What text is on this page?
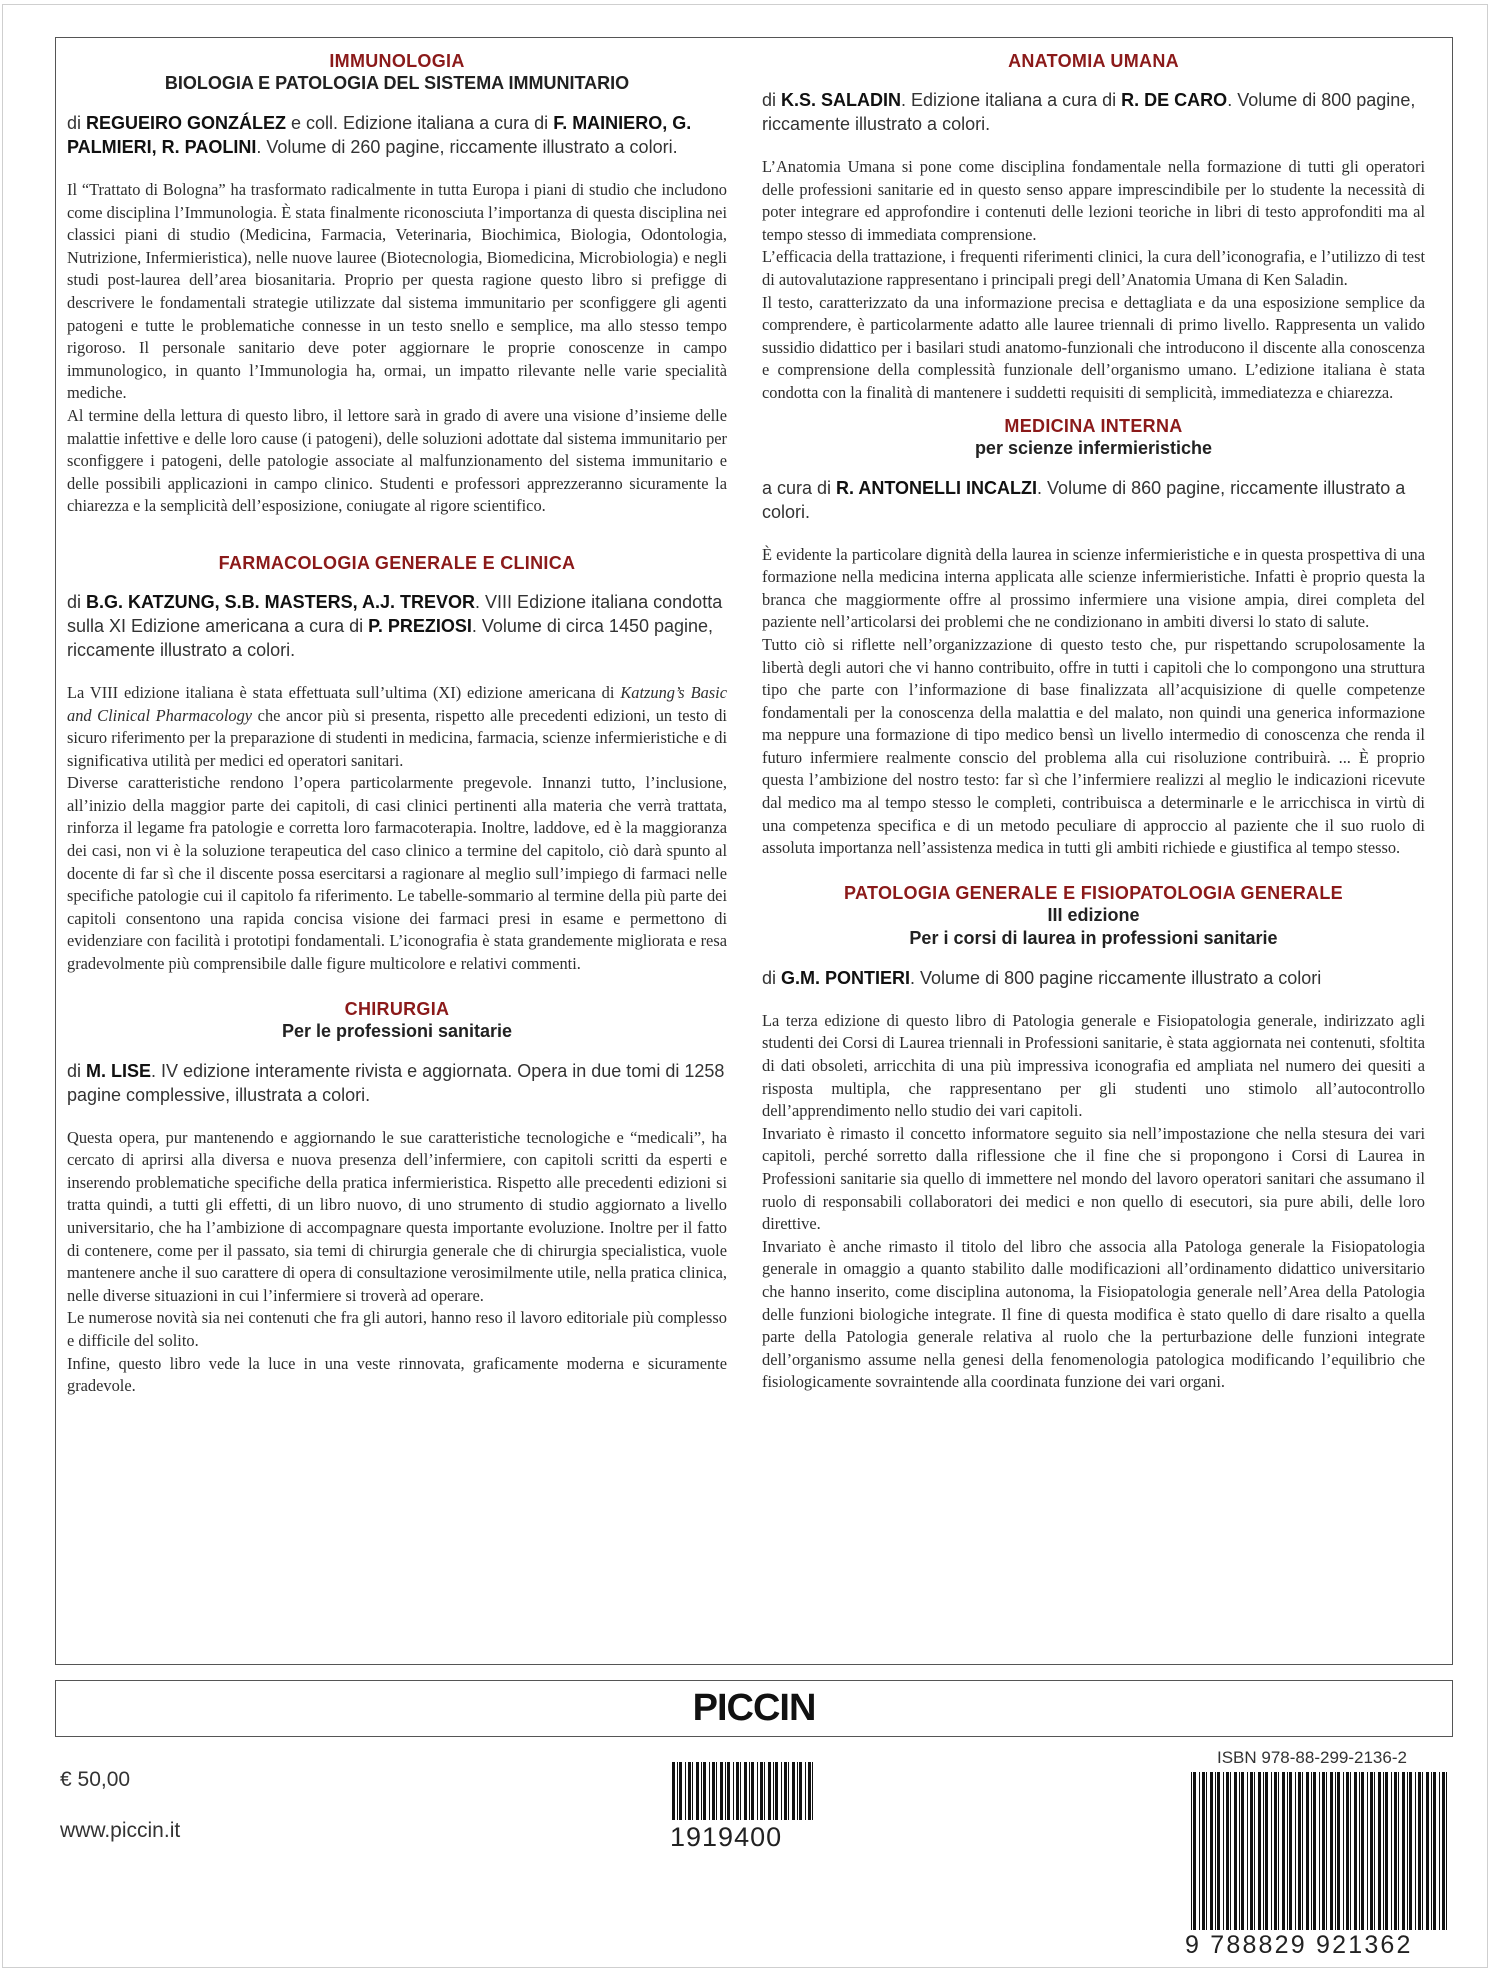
IMMUNOLOGIA
BIOLOGIA E PATOLOGIA DEL SISTEMA IMMUNITARIO
di REGUEIRO GONZÁLEZ e coll. Edizione italiana a cura di F. MAINIERO, G. PALMIERI, R. PAOLINI. Volume di 260 pagine, riccamente illustrato a colori.

Il “Trattato di Bologna” ha trasformato radicalmente in tutta Europa i piani di studio che includono come disciplina l’Immunologia. È stata finalmente riconosciuta l’importanza di questa disciplina nei classici piani di studio (Medicina, Farmacia, Veterinaria, Biochimica, Biologia, Odontologia, Nutrizione, Infermieristica), nelle nuove lauree (Biotecnologia, Biomedicina, Microbiologia) e negli studi post-laurea dell’area biosanitaria. Proprio per questa ragione questo libro si prefigge di descrivere le fondamentali strategie utilizzate dal sistema immunitario per sconfiggere gli agenti patogeni e tutte le problematiche connesse in un testo snello e semplice, ma allo stesso tempo rigoroso. Il personale sanitario deve poter aggiornare le proprie conoscenze in campo immunologico, in quanto l’Immunologia ha, ormai, un impatto rilevante nelle varie specialità mediche.

Al termine della lettura di questo libro, il lettore sarà in grado di avere una visione d’insieme delle malattie infettive e delle loro cause (i patogeni), delle soluzioni adottate dal sistema immunitario per sconfiggere i patogeni, delle patologie associate al malfunzionamento del sistema immunitario e delle possibili applicazioni in campo clinico. Studenti e professori apprezzeranno sicuramente la chiarezza e la semplicità dell’esposizione, coniugate al rigore scientifico.

FARMACOLOGIA GENERALE E CLINICA
di B.G. KATZUNG, S.B. MASTERS, A.J. TREVOR. VIII Edizione italiana condotta sulla XI Edizione americana a cura di P. PREZIOSI. Volume di circa 1450 pagine, riccamente illustrato a colori.

La VIII edizione italiana è stata effettuata sull’ultima (XI) edizione americana di Katzung’s Basic and Clinical Pharmacology che ancor più si presenta, rispetto alle precedenti edizioni, un testo di sicuro riferimento per la preparazione di studenti in medicina, farmacia, scienze infermieristiche e di significativa utilità per medici ed operatori sanitari.

Diverse caratteristiche rendono l’opera particolarmente pregevole. Innanzi tutto, l’inclusione, all’inizio della maggior parte dei capitoli, di casi clinici pertinenti alla materia che verrà trattata, rinforza il legame fra patologie e corretta loro farmacoterapia. Inoltre, laddove, ed è la maggioranza dei casi, non vi è la soluzione terapeutica del caso clinico a termine del capitolo, ciò darà spunto al docente di far sì che il discente possa esercitarsi a ragionare al meglio sull’impiego di farmaci nelle specifiche patologie cui il capitolo fa riferimento. Le tabelle-sommario al termine della più parte dei capitoli consentono una rapida concisa visione dei farmaci presi in esame e permettono di evidenziare con facilità i prototipi fondamentali. L’iconografia è stata grandemente migliorata e resa gradevolmente più comprensibile dalle figure multicolore e relativi commenti.

CHIRURGIA
Per le professioni sanitarie
di M. LISE. IV edizione interamente rivista e aggiornata. Opera in due tomi di 1258 pagine complessive, illustrata a colori.

Questa opera, pur mantenendo e aggiornando le sue caratteristiche tecnologiche e “medicali”, ha cercato di aprirsi alla diversa e nuova presenza dell’infermiere, con capitoli scritti da esperti e inserendo problematiche specifiche della pratica infermieristica. Rispetto alle precedenti edizioni si tratta quindi, a tutti gli effetti, di un libro nuovo, di uno strumento di studio aggiornato a livello universitario, che ha l’ambizione di accompagnare questa importante evoluzione. Inoltre per il fatto di contenere, come per il passato, sia temi di chirurgia generale che di chirurgia specialistica, vuole mantenere anche il suo carattere di opera di consultazione verosimilmente utile, nella pratica clinica, nelle diverse situazioni in cui l’infermiere si troverà ad operare.

Le numerose novità sia nei contenuti che fra gli autori, hanno reso il lavoro editoriale più complesso e difficile del solito.

Infine, questo libro vede la luce in una veste rinnovata, graficamente moderna e sicuramente gradevole.

ANATOMIA UMANA
di K.S. SALADIN. Edizione italiana a cura di R. DE CARO. Volume di 800 pagine, riccamente illustrato a colori.

L’Anatomia Umana si pone come disciplina fondamentale nella formazione di tutti gli operatori delle professioni sanitarie ed in questo senso appare imprescindibile per lo studente la necessità di poter integrare ed approfondire i contenuti delle lezioni teoriche in libri di testo approfonditi ma al tempo stesso di immediata comprensione.

L’efficacia della trattazione, i frequenti riferimenti clinici, la cura dell’iconografia, e l’utilizzo di test di autovalutazione rappresentano i principali pregi dell’Anatomia Umana di Ken Saladin.

Il testo, caratterizzato da una informazione precisa e dettagliata e da una esposizione semplice da comprendere, è particolarmente adatto alle lauree triennali di primo livello. Rappresenta un valido sussidio didattico per i basilari studi anatomo-funzionali che introducono il discente alla conoscenza e comprensione della complessità funzionale dell’organismo umano. L’edizione italiana è stata condotta con la finalità di mantenere i suddetti requisiti di semplicità, immediatezza e chiarezza.

MEDICINA INTERNA
per scienze infermieristiche
a cura di R. ANTONELLI INCALZI. Volume di 860 pagine, riccamente illustrato a colori.

È evidente la particolare dignità della laurea in scienze infermieristiche e in questa prospettiva di una formazione nella medicina interna applicata alle scienze infermieristiche. Infatti è proprio questa la branca che maggiormente offre al prossimo infermiere una visione ampia, direi completa del paziente nell’articolarsi dei problemi che ne condizionano in ambiti diversi lo stato di salute.

Tutto ciò si riflette nell’organizzazione di questo testo che, pur rispettando scrupolosamente la libertà degli autori che vi hanno contribuito, offre in tutti i capitoli che lo compongono una struttura tipo che parte con l’informazione di base finalizzata all’acquisizione di quelle competenze fondamentali per la conoscenza della malattia e del malato, non quindi una generica informazione ma neppure una formazione di tipo medico bensì un livello intermedio di conoscenza che renda il futuro infermiere realmente conscio del problema alla cui risoluzione contribuirà. ... È proprio questa l’ambizione del nostro testo: far sì che l’infermiere realizzi al meglio le indicazioni ricevute dal medico ma al tempo stesso le completi, contribuisca a determinarle e le arricchisca in virtù di una competenza specifica e di un metodo peculiare di approccio al paziente che il suo ruolo di assoluta importanza nell’assistenza medica in tutti gli ambiti richiede e giustifica al tempo stesso.

PATOLOGIA GENERALE E FISIOPATOLOGIA GENERALE
III edizione
Per i corsi di laurea in professioni sanitarie
di G.M. PONTIERI. Volume di 800 pagine riccamente illustrato a colori

La terza edizione di questo libro di Patologia generale e Fisiopatologia generale, indirizzato agli studenti dei Corsi di Laurea triennali in Professioni sanitarie, è stata aggiornata nei contenuti, sfoltita di dati obsoleti, arricchita di una più impressiva iconografia ed ampliata nel numero dei quesiti a risposta multipla, che rappresentano per gli studenti uno stimolo all’autocontrollo dell’apprendimento nello studio dei vari capitoli.

Invariato è rimasto il concetto informatore seguito sia nell’impostazione che nella stesura dei vari capitoli, perché sorretto dalla riflessione che il fine che si propongono i Corsi di Laurea in Professioni sanitarie sia quello di immettere nel mondo del lavoro operatori sanitari che assumano il ruolo di responsabili collaboratori dei medici e non quello di esecutori, sia pure abili, delle loro direttive.

Invariato è anche rimasto il titolo del libro che associa alla Patologa generale la Fisiopatologia generale in omaggio a quanto stabilito dalle modificazioni all’ordinamento didattico universitario che hanno inserito, come disciplina autonoma, la Fisiopatologia generale nell’Area della Patologia delle funzioni biologiche integrate. Il fine di questa modifica è stato quello di dare risalto a quella parte della Patologia generale relativa al ruolo che la perturbazione delle funzioni integrate dell’organismo assume nella genesi della fenomenologia patologica modificando l’equilibrio che fisiologicamente sovraintende alla coordinata funzione dei vari organi.

PICCIN
€ 50,00
www.piccin.it	1919400
ISBN 978-88-299-2136-2
9 788829 921362
